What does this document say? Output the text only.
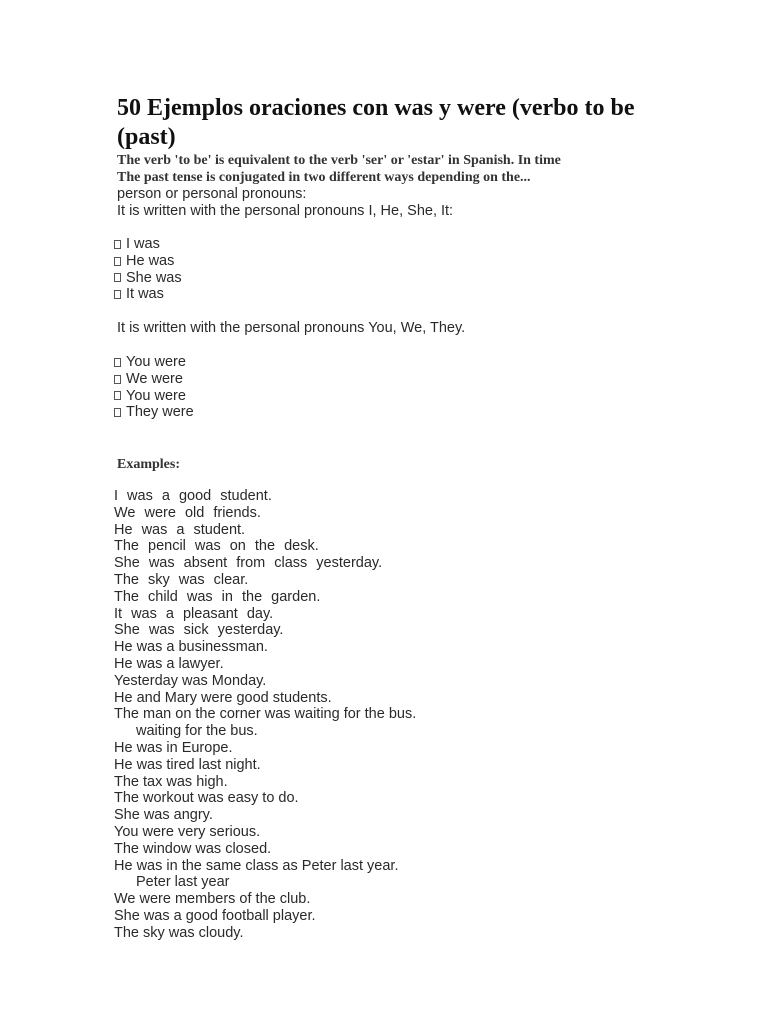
50 Ejemplos oraciones con was y were (verbo to be (past)
The verb 'to be' is equivalent to the verb 'ser' or 'estar' in Spanish. In time
The past tense is conjugated in two different ways depending on the...
person or personal pronouns:
It is written with the personal pronouns I, He, She, It:
I was
He was
She was
It was
It is written with the personal pronouns You, We, They.
You were
We were
You were
They were
Examples:
I was a good student.
We were old friends.
He was a student.
The pencil was on the desk.
She was absent from class yesterday.
The sky was clear.
The child was in the garden.
It was a pleasant day.
She was sick yesterday.
He was a businessman.
He was a lawyer.
Yesterday was Monday.
He and Mary were good students.
The man on the corner was waiting for the bus.
waiting for the bus.
He was in Europe.
He was tired last night.
The tax was high.
The workout was easy to do.
She was angry.
You were very serious.
The window was closed.
He was in the same class as Peter last year.
Peter last year
We were members of the club.
She was a good football player.
The sky was cloudy.
